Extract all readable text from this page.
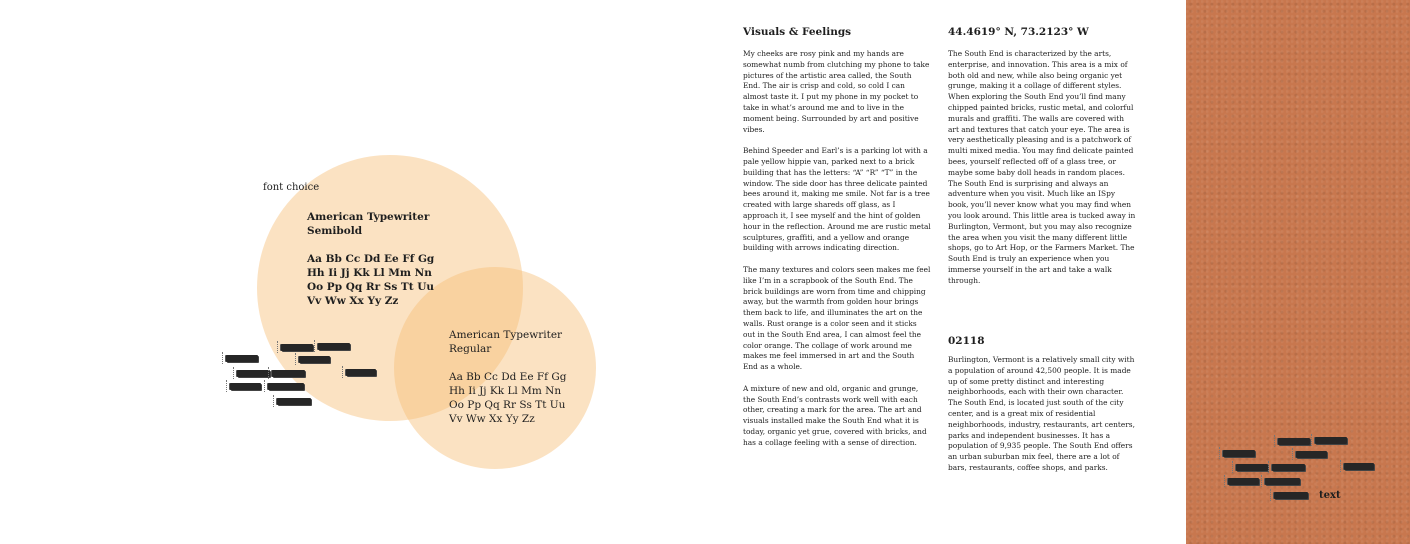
font choice
American Typewriter
Semibold
Aa Bb Cc Dd Ee Ff Gg
Hh Ii Jj Kk Ll Mm Nn
Oo Pp Qq Rr Ss Tt Uu
Vv Ww Xx Yy Zz
American Typewriter
Regular
Aa Bb Cc Dd Ee Ff Gg
Hh Ii Jj Kk Ll Mm Nn
Oo Pp Qq Rr Ss Tt Uu
Vv Ww Xx Yy Zz
Visuals & Feelings

My cheeks are rosy pink and my hands are somewhat numb from clutching my phone to take pictures of the artistic area called, the South End. The air is crisp and cold, so cold I can almost taste it. I put my phone in my pocket to take in what’s around me and to live in the moment being. Surrounded by art and positive vibes.

Behind Speeder and Earl’s is a parking lot with a pale yellow hippie van, parked next to a brick building that has the letters: “A” “R” “T” in the window. The side door has three delicate painted bees around it, making me smile. Not far is a tree created with large shareds off glass, as I approach it, I see myself and the hint of golden hour in the reflection. Around me are rustic metal sculptures, graffiti, and a yellow and orange building with arrows indicating direction.

The many textures and colors seen makes me feel like I’m in a scrapbook of the South End. The brick buildings are worn from time and chipping away, but the warmth from golden hour brings them back to life, and illuminates the art on the walls. Rust orange is a color seen and it sticks out in the South End area, I can almost feel the color orange. The collage of work around me makes me feel immersed in art and the South End as a whole.

A mixture of new and old, organic and grunge, the South End’s contrasts work well with each other, creating a mark for the area. The art and visuals installed make the South End what it is today, organic yet grue, covered with bricks, and has a collage feeling with a sense of direction.

44.4619° N, 73.2123° W

The South End is characterized by the arts, enterprise, and innovation. This area is a mix of both old and new, while also being organic yet grunge, making it a collage of different styles. When exploring the South End you’ll find many chipped painted bricks, rustic metal, and colorful murals and graffiti. The walls are covered with art and textures that catch your eye. The area is very aesthetically pleasing and is a patchwork of multi mixed media. You may find delicate painted bees, yourself reflected off of a glass tree, or maybe some baby doll heads in random places. The South End is surprising and always an adventure when you visit. Much like an ISpy book, you’ll never know what you may find when you look around. This little area is tucked away in Burlington, Vermont, but you may also recognize the area when you visit the many different little shops, go to Art Hop, or the Farmers Market. The South End is truly an experience when you immerse yourself in the art and take a walk through.

02118

Burlington, Vermont is a relatively small city with a population of around 42,500 people. It is made up of some pretty distinct and interesting neighborhoods, each with their own character. The South End, is located just south of the city center, and is a great mix of residential neighborhoods, industry, restaurants, art centers, parks and independent businesses. It has a population of 9,935 people. The South End offers an urban suburban mix feel, there are a lot of bars, restaurants, coffee shops, and parks.

text
